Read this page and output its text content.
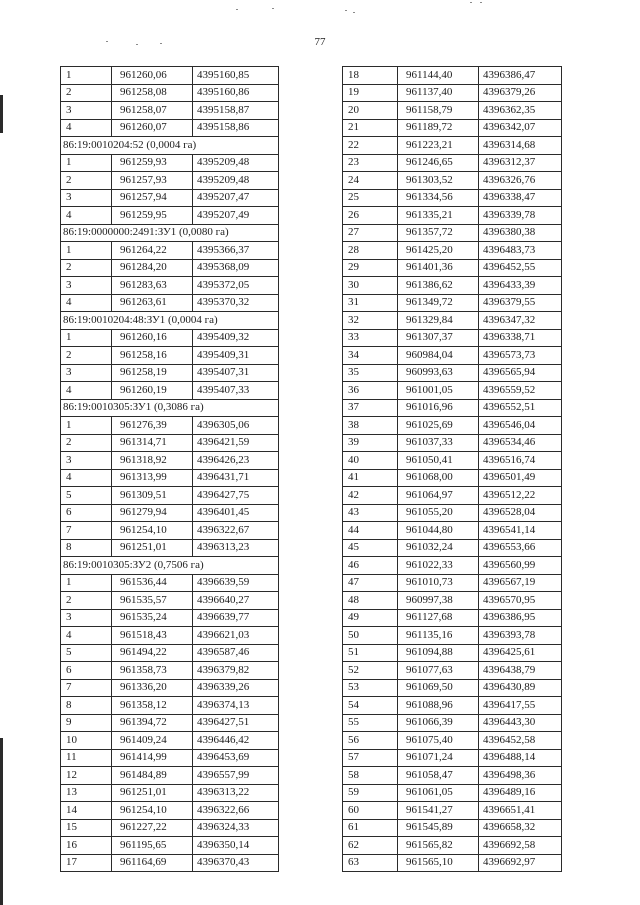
77
1	961260,06	4395160,85
2	961258,08	4395160,86
3	961258,07	4395158,87
4	961260,07	4395158,86
86:19:0010204:52 (0,0004 га)		
1	961259,93	4395209,48
2	961257,93	4395209,48
3	961257,94	4395207,47
4	961259,95	4395207,49
86:19:0000000:2491:ЗУ1 (0,0080 га)		
1	961264,22	4395366,37
2	961284,20	4395368,09
3	961283,63	4395372,05
4	961263,61	4395370,32
86:19:0010204:48:ЗУ1 (0,0004 га)		
1	961260,16	4395409,32
2	961258,16	4395409,31
3	961258,19	4395407,31
4	961260,19	4395407,33
86:19:0010305:ЗУ1 (0,3086 га)		
1	961276,39	4396305,06
2	961314,71	4396421,59
3	961318,92	4396426,23
4	961313,99	4396431,71
5	961309,51	4396427,75
6	961279,94	4396401,45
7	961254,10	4396322,67
8	961251,01	4396313,23
86:19:0010305:ЗУ2 (0,7506 га)		
1	961536,44	4396639,59
2	961535,57	4396640,27
3	961535,24	4396639,77
4	961518,43	4396621,03
5	961494,22	4396587,46
6	961358,73	4396379,82
7	961336,20	4396339,26
8	961358,12	4396374,13
9	961394,72	4396427,51
10	961409,24	4396446,42
11	961414,99	4396453,69
12	961484,89	4396557,99
13	961251,01	4396313,22
14	961254,10	4396322,66
15	961227,22	4396324,33
16	961195,65	4396350,14
17	961164,69	4396370,43
18	961144,40	4396386,47
19	961137,40	4396379,26
20	961158,79	4396362,35
21	961189,72	4396342,07
22	961223,21	4396314,68
23	961246,65	4396312,37
24	961303,52	4396326,76
25	961334,56	4396338,47
26	961335,21	4396339,78
27	961357,72	4396380,38
28	961425,20	4396483,73
29	961401,36	4396452,55
30	961386,62	4396433,39
31	961349,72	4396379,55
32	961329,84	4396347,32
33	961307,37	4396338,71
34	960984,04	4396573,73
35	960993,63	4396565,94
36	961001,05	4396559,52
37	961016,96	4396552,51
38	961025,69	4396546,04
39	961037,33	4396534,46
40	961050,41	4396516,74
41	961068,00	4396501,49
42	961064,97	4396512,22
43	961055,20	4396528,04
44	961044,80	4396541,14
45	961032,24	4396553,66
46	961022,33	4396560,99
47	961010,73	4396567,19
48	960997,38	4396570,95
49	961127,68	4396386,95
50	961135,16	4396393,78
51	961094,88	4396425,61
52	961077,63	4396438,79
53	961069,50	4396430,89
54	961088,96	4396417,55
55	961066,39	4396443,30
56	961075,40	4396452,58
57	961071,24	4396488,14
58	961058,47	4396498,36
59	961061,05	4396489,16
60	961541,27	4396651,41
61	961545,89	4396658,32
62	961565,82	4396692,58
63	961565,10	4396692,97
